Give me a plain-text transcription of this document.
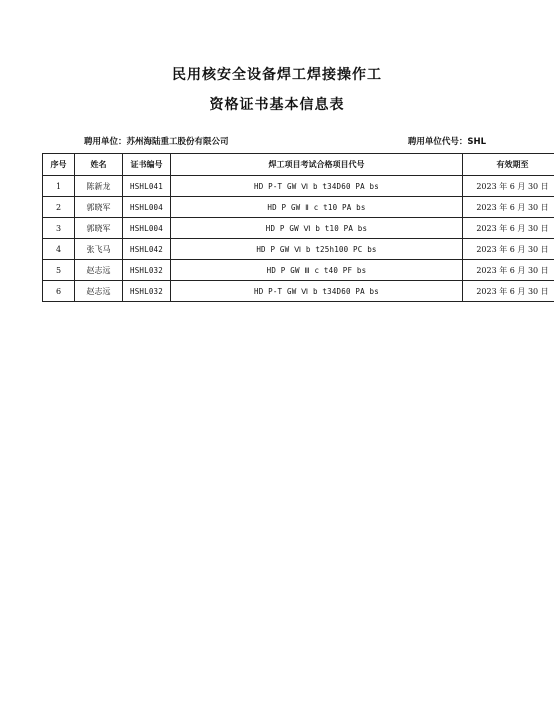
民用核安全设备焊工焊接操作工
资格证书基本信息表
聘用单位：苏州海陆重工股份有限公司	聘用单位代号：SHL
序号	姓名	证书编号	焊工项目考试合格项目代号	有效期至
1	陈新龙	HSHL041	HD P-T GW Ⅵ b t34D60 PA bs	2023 年 6 月 30 日
2	郭晓军	HSHL004	HD P GW Ⅱ c t10 PA bs	2023 年 6 月 30 日
3	郭晓军	HSHL004	HD P GW Ⅵ b t10 PA bs	2023 年 6 月 30 日
4	张飞马	HSHL042	HD P GW Ⅵ b t25h100 PC bs	2023 年 6 月 30 日
5	赵志远	HSHL032	HD P GW Ⅲ c t40 PF bs	2023 年 6 月 30 日
6	赵志远	HSHL032	HD P-T GW Ⅵ b t34D60 PA bs	2023 年 6 月 30 日
